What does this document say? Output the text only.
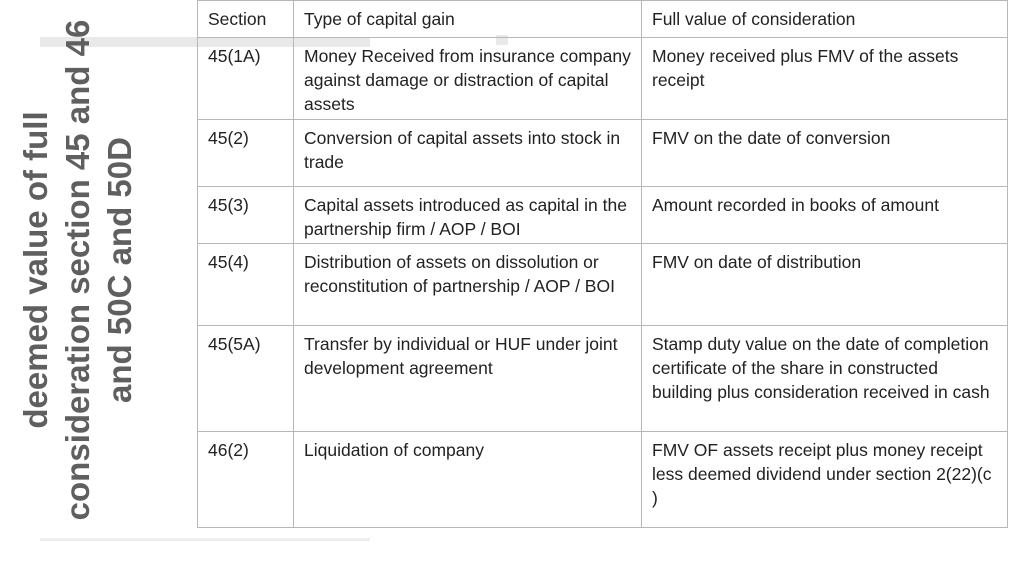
deemed value of full consideration section 45 and 46 and 50C and 50D
Section	Type of capital gain	Full value of consideration
45(1A)	Money Received from insurance company against damage or distraction of capital assets	Money received plus FMV of the assets receipt
45(2)	Conversion of capital assets into stock in trade	FMV on the date of conversion
45(3)	Capital assets introduced as capital in the partnership firm / AOP / BOI	Amount recorded in books of amount
45(4)	Distribution of assets on dissolution or reconstitution of partnership / AOP / BOI	FMV on date of distribution
45(5A)	Transfer by individual or HUF under joint development agreement	Stamp duty value on the date of completion certificate of the share in constructed building plus consideration received in cash
46(2)	Liquidation of company	FMV OF assets receipt plus money receipt less deemed dividend under section 2(22)(c )
